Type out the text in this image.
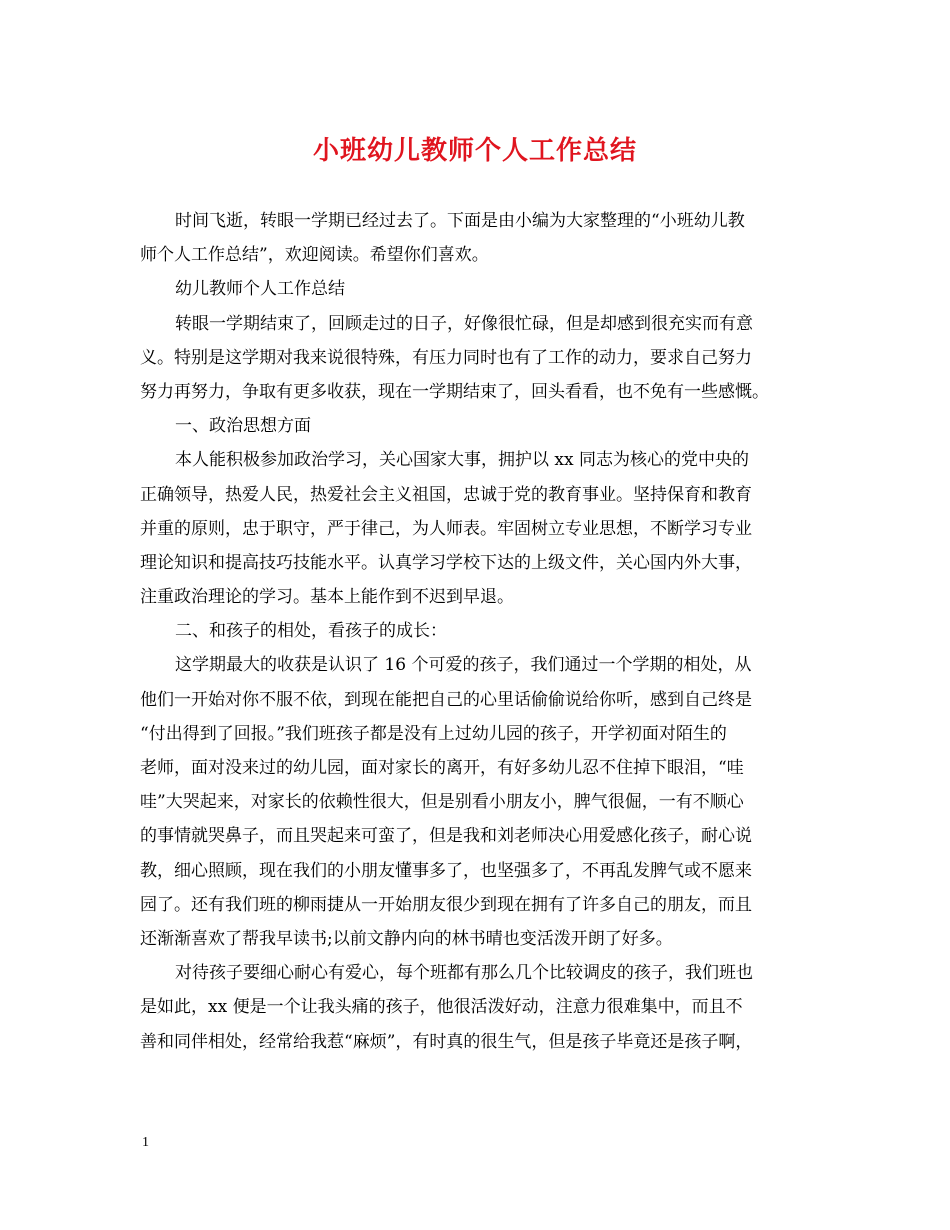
小班幼儿教师个人工作总结
时间飞逝，转眼一学期已经过去了。下面是由小编为大家整理的“小班幼儿教
师个人工作总结”，欢迎阅读。希望你们喜欢。
幼儿教师个人工作总结
转眼一学期结束了，回顾走过的日子，好像很忙碌，但是却感到很充实而有意
义。特别是这学期对我来说很特殊，有压力同时也有了工作的动力，要求自己努力
努力再努力，争取有更多收获，现在一学期结束了，回头看看，也不免有一些感慨。
一、政治思想方面
本人能积极参加政治学习，关心国家大事，拥护以 xx 同志为核心的党中央的
正确领导，热爱人民，热爱社会主义祖国，忠诚于党的教育事业。坚持保育和教育
并重的原则，忠于职守，严于律己，为人师表。牢固树立专业思想，不断学习专业
理论知识和提高技巧技能水平。认真学习学校下达的上级文件，关心国内外大事，
注重政治理论的学习。基本上能作到不迟到早退。
二、和孩子的相处，看孩子的成长：
这学期最大的收获是认识了 16 个可爱的孩子，我们通过一个学期的相处，从
他们一开始对你不服不依，到现在能把自己的心里话偷偷说给你听，感到自己终是
“付出得到了回报。”我们班孩子都是没有上过幼儿园的孩子，开学初面对陌生的
老师，面对没来过的幼儿园，面对家长的离开，有好多幼儿忍不住掉下眼泪，“哇
哇”大哭起来，对家长的依赖性很大，但是别看小朋友小，脾气很倔，一有不顺心
的事情就哭鼻子，而且哭起来可蛮了，但是我和刘老师决心用爱感化孩子，耐心说
教，细心照顾，现在我们的小朋友懂事多了，也坚强多了，不再乱发脾气或不愿来
园了。还有我们班的柳雨捷从一开始朋友很少到现在拥有了许多自己的朋友，而且
还渐渐喜欢了帮我早读书;以前文静内向的林书晴也变活泼开朗了好多。
对待孩子要细心耐心有爱心，每个班都有那么几个比较调皮的孩子，我们班也
是如此，xx 便是一个让我头痛的孩子，他很活泼好动，注意力很难集中，而且不
善和同伴相处，经常给我惹“麻烦”，有时真的很生气，但是孩子毕竟还是孩子啊，
1
